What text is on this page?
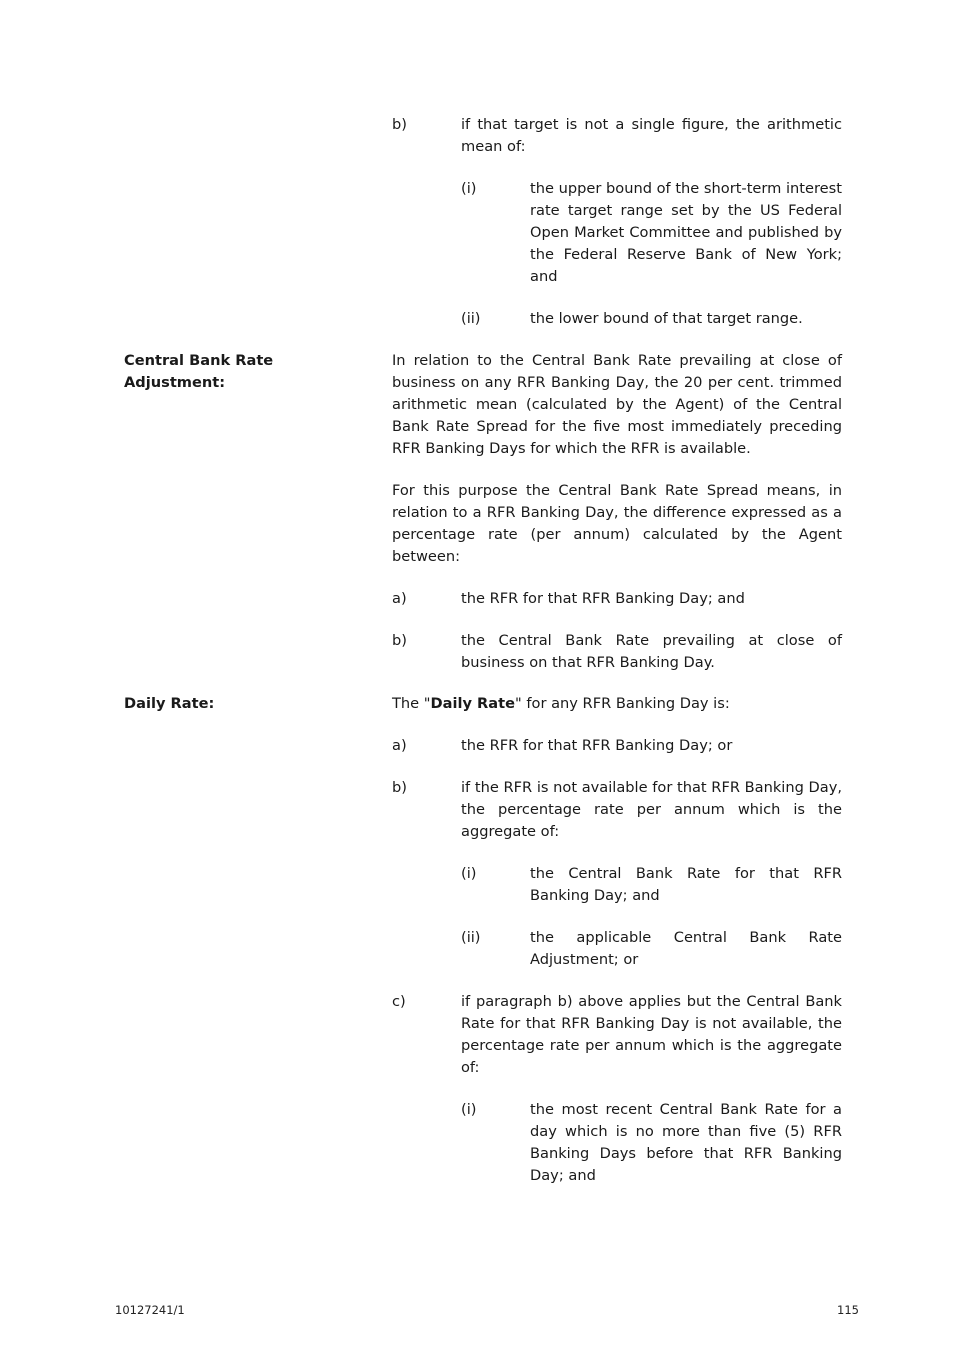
b)	if that target is not a single figure, the arithmetic mean of:
(i)	the upper bound of the short-term interest rate target range set by the US Federal Open Market Committee and published by the Federal Reserve Bank of New York; and
(ii)	the lower bound of that target range.
Central Bank Rate Adjustment:
In relation to the Central Bank Rate prevailing at close of business on any RFR Banking Day, the 20 per cent. trimmed arithmetic mean (calculated by the Agent) of the Central Bank Rate Spread for the five most immediately preceding RFR Banking Days for which the RFR is available.
For this purpose the Central Bank Rate Spread means, in relation to a RFR Banking Day, the difference expressed as a percentage rate (per annum) calculated by the Agent between:
a)	the RFR for that RFR Banking Day; and
b)	the Central Bank Rate prevailing at close of business on that RFR Banking Day.
Daily Rate:	The "Daily Rate" for any RFR Banking Day is:
a)	the RFR for that RFR Banking Day; or
b)	if the RFR is not available for that RFR Banking Day, the percentage rate per annum which is the aggregate of:
(i)	the Central Bank Rate for that RFR Banking Day; and
(ii)	the applicable Central Bank Rate Adjustment; or
c)	if paragraph b) above applies but the Central Bank Rate for that RFR Banking Day is not available, the percentage rate per annum which is the aggregate of:
(i)	the most recent Central Bank Rate for a day which is no more than five (5) RFR Banking Days before that RFR Banking Day; and
10127241/1	115
